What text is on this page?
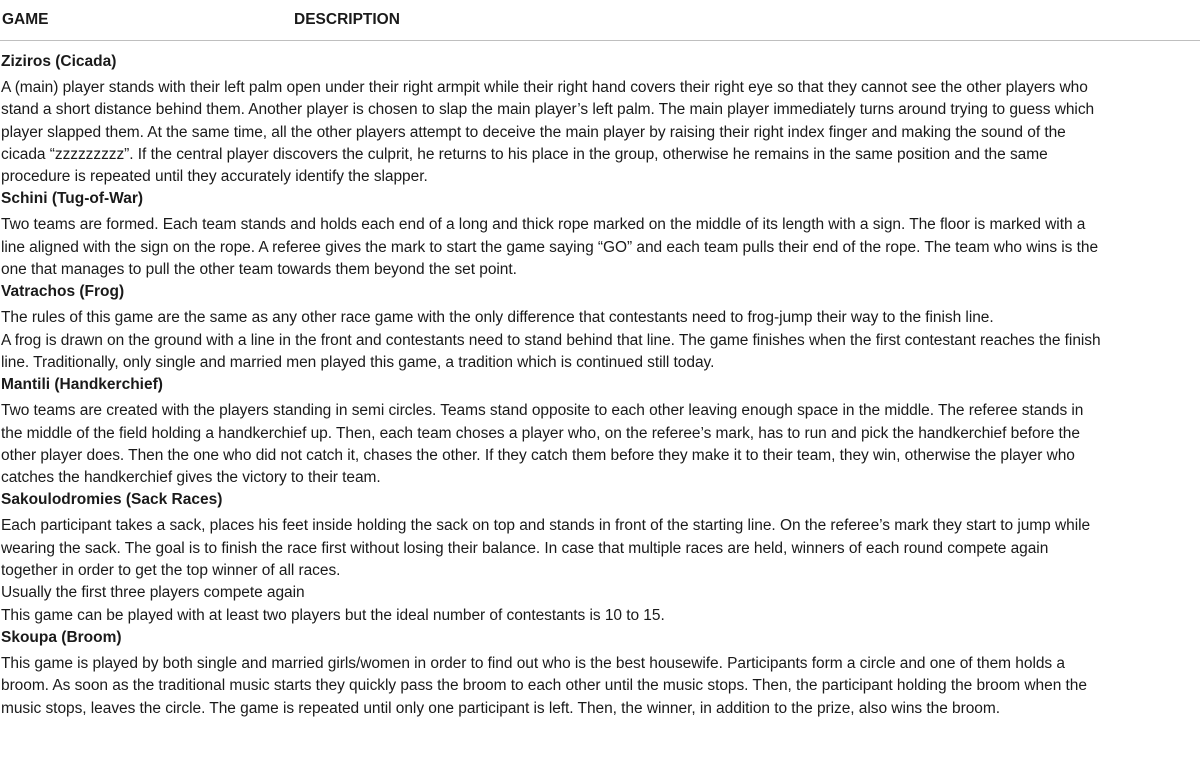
GAME	DESCRIPTION
Ziziros (Cicada)

A (main) player stands with their left palm open under their right armpit while their right hand covers their right eye so that they cannot see the other players who stand a short distance behind them. Another player is chosen to slap the main player’s left palm. The main player immediately turns around trying to guess which player slapped them. At the same time, all the other players attempt to deceive the main player by raising their right index finger and making the sound of the cicada “zzzzzzzzz”. If the central player discovers the culprit, he returns to his place in the group, otherwise he remains in the same position and the same procedure is repeated until they accurately identify the slapper.

Schini (Tug-of-War)

Two teams are formed. Each team stands and holds each end of a long and thick rope marked on the middle of its length with a sign. The floor is marked with a line aligned with the sign on the rope. A referee gives the mark to start the game saying “GO” and each team pulls their end of the rope. The team who wins is the one that manages to pull the other team towards them beyond the set point.

Vatrachos (Frog)

The rules of this game are the same as any other race game with the only difference that contestants need to frog-jump their way to the finish line.

A frog is drawn on the ground with a line in the front and contestants need to stand behind that line. The game finishes when the first contestant reaches the finish line. Traditionally, only single and married men played this game, a tradition which is continued still today.

Mantili (Handkerchief)

Two teams are created with the players standing in semi circles. Teams stand opposite to each other leaving enough space in the middle. The referee stands in the middle of the field holding a handkerchief up. Then, each team choses a player who, on the referee’s mark, has to run and pick the handkerchief before the other player does. Then the one who did not catch it, chases the other. If they catch them before they make it to their team, they win, otherwise the player who catches the handkerchief gives the victory to their team.

Sakoulodromies (Sack Races)

Each participant takes a sack, places his feet inside holding the sack on top and stands in front of the starting line. On the referee’s mark they start to jump while wearing the sack. The goal is to finish the race first without losing their balance. In case that multiple races are held, winners of each round compete again together in order to get the top winner of all races.

Usually the first three players compete again

This game can be played with at least two players but the ideal number of contestants is 10 to 15.

Skoupa (Broom)

This game is played by both single and married girls/women in order to find out who is the best housewife. Participants form a circle and one of them holds a broom. As soon as the traditional music starts they quickly pass the broom to each other until the music stops. Then, the participant holding the broom when the music stops, leaves the circle. The game is repeated until only one participant is left. Then, the winner, in addition to the prize, also wins the broom.
